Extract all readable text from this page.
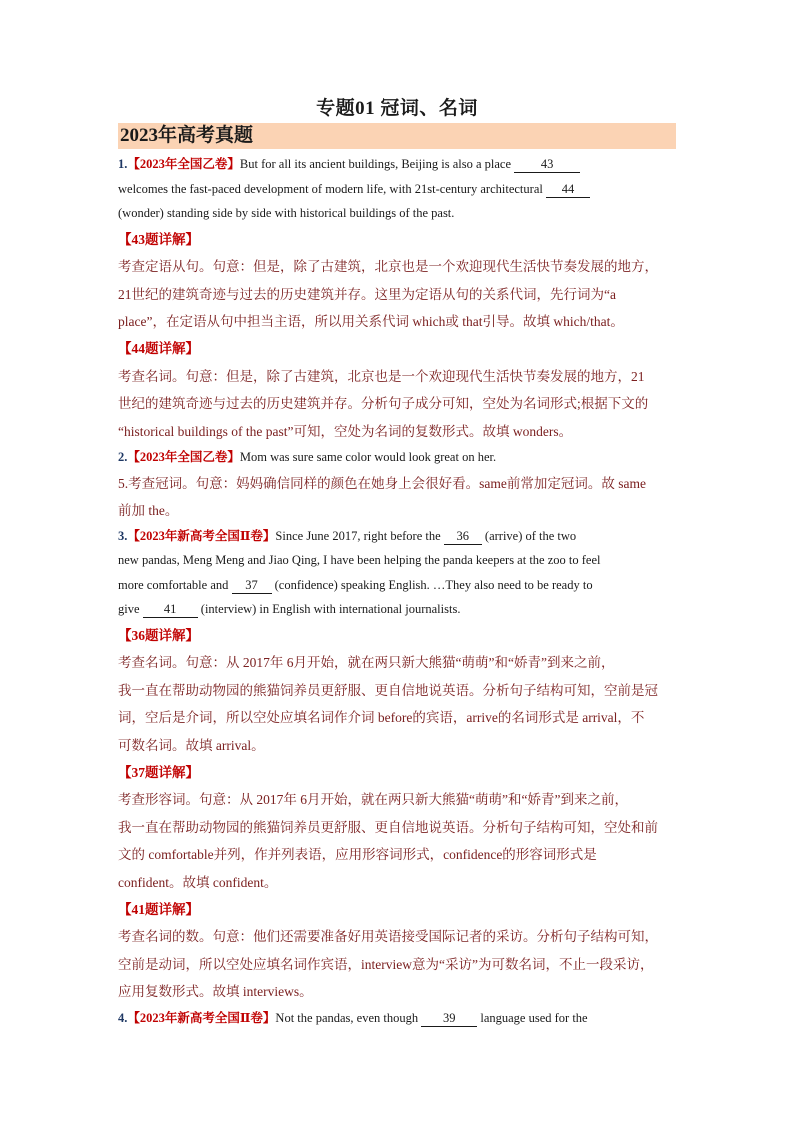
专题01 冠词、名词
2023年高考真题

1.【2023年全国乙卷】But for all its ancient buildings, Beijing is also a place 43
welcomes the fast-paced development of modern life, with 21st-century architectural 44
(wonder) standing side by side with historical buildings of the past.

【43题详解】

考查定语从句。句意：但是，除了古建筑，北京也是一个欢迎现代生活快节奏发展的地方，

21世纪的建筑奇迹与过去的历史建筑并存。这里为定语从句的关系代词，先行词为“a

place”，在定语从句中担当主语，所以用关系代词 which或 that引导。故填 which/that。

【44题详解】

考查名词。句意：但是，除了古建筑，北京也是一个欢迎现代生活快节奏发展的地方，21

世纪的建筑奇迹与过去的历史建筑并存。分析句子成分可知，空处为名词形式;根据下文的

“historical buildings of the past”可知，空处为名词的复数形式。故填 wonders。

2.【2023年全国乙卷】Mom was sure same color would look great on her.

5.考查冠词。句意：妈妈确信同样的颜色在她身上会很好看。same前常加定冠词。故 same

前加 the。

3.【2023年新高考全国Ⅱ卷】Since June 2017, right before the 36 (arrive) of the two
new pandas, Meng Meng and Jiao Qing, I have been helping the panda keepers at the zoo to feel
more comfortable and 37 (confidence) speaking English. …They also need to be ready to
give 41 (interview) in English with international journalists.

【36题详解】

考查名词。句意：从 2017年 6月开始，就在两只新大熊猫“萌萌”和“娇青”到来之前，

我一直在帮助动物园的熊猫饲养员更舒服、更自信地说英语。分析句子结构可知，空前是冠

词，空后是介词，所以空处应填名词作介词 before的宾语，arrive的名词形式是 arrival，不

可数名词。故填 arrival。

【37题详解】

考查形容词。句意：从 2017年 6月开始，就在两只新大熊猫“萌萌”和“娇青”到来之前，

我一直在帮助动物园的熊猫饲养员更舒服、更自信地说英语。分析句子结构可知，空处和前

文的 comfortable并列，作并列表语，应用形容词形式，confidence的形容词形式是

confident。故填 confident。

【41题详解】

考查名词的数。句意：他们还需要准备好用英语接受国际记者的采访。分析句子结构可知，

空前是动词，所以空处应填名词作宾语，interview意为“采访”为可数名词，不止一段采访，

应用复数形式。故填 interviews。

4.【2023年新高考全国Ⅱ卷】Not the pandas, even though 39 language used for the
